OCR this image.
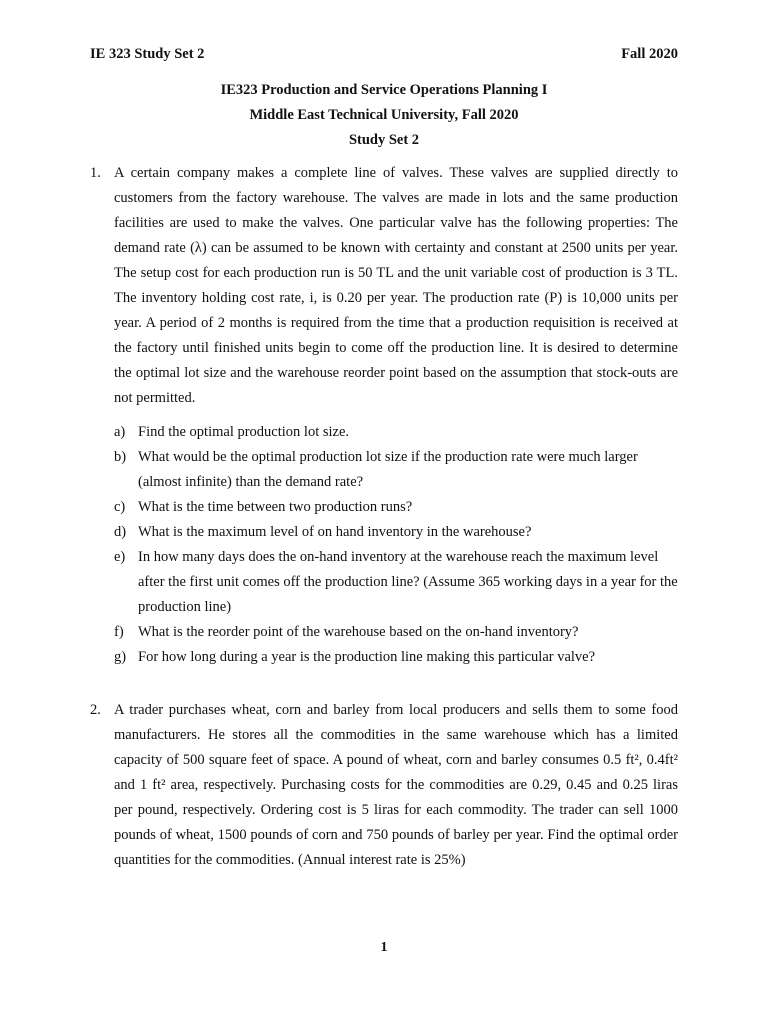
IE 323 Study Set 2	Fall 2020
IE323 Production and Service Operations Planning I
Middle East Technical University, Fall 2020
Study Set 2
1. A certain company makes a complete line of valves. These valves are supplied directly to customers from the factory warehouse. The valves are made in lots and the same production facilities are used to make the valves. One particular valve has the following properties: The demand rate (λ) can be assumed to be known with certainty and constant at 2500 units per year. The setup cost for each production run is 50 TL and the unit variable cost of production is 3 TL. The inventory holding cost rate, i, is 0.20 per year. The production rate (P) is 10,000 units per year. A period of 2 months is required from the time that a production requisition is received at the factory until finished units begin to come off the production line. It is desired to determine the optimal lot size and the warehouse reorder point based on the assumption that stock-outs are not permitted.
a) Find the optimal production lot size.
b) What would be the optimal production lot size if the production rate were much larger (almost infinite) than the demand rate?
c) What is the time between two production runs?
d) What is the maximum level of on hand inventory in the warehouse?
e) In how many days does the on-hand inventory at the warehouse reach the maximum level after the first unit comes off the production line? (Assume 365 working days in a year for the production line)
f) What is the reorder point of the warehouse based on the on-hand inventory?
g) For how long during a year is the production line making this particular valve?
2. A trader purchases wheat, corn and barley from local producers and sells them to some food manufacturers. He stores all the commodities in the same warehouse which has a limited capacity of 500 square feet of space. A pound of wheat, corn and barley consumes 0.5 ft², 0.4ft² and 1 ft² area, respectively. Purchasing costs for the commodities are 0.29, 0.45 and 0.25 liras per pound, respectively. Ordering cost is 5 liras for each commodity. The trader can sell 1000 pounds of wheat, 1500 pounds of corn and 750 pounds of barley per year. Find the optimal order quantities for the commodities. (Annual interest rate is 25%)
1
